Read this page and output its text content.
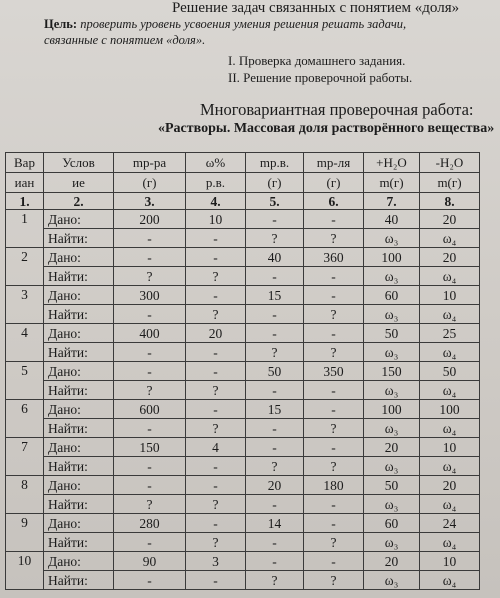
Решение задач связанных с понятием «доля»
Цель: проверить уровень усвоения умения решения решать задачи,
связанные с понятием «доля».
I. Проверка домашнего задания.
II. Решение проверочной работы.
Многовариантная проверочная работа:
«Растворы. Массовая доля растворённого вещества»
Вар	Услов	mр-ра	ω%	mр.в.	mр-ля	+H₂O	-H₂O
иан	ие	(г)	р.в.	(г)	(г)	m(г)	m(г)
1.	2.	3.	4.	5.	6.	7.	8.
1	Дано:	200	10	-	-	40	20
	Найти:	-	-	?	?	ω₃	ω₄
2	Дано:	-	-	40	360	100	20
	Найти:	?	?	-	-	ω₃	ω₄
3	Дано:	300	-	15	-	60	10
	Найти:	-	?	-	?	ω₃	ω₄
4	Дано:	400	20	-	-	50	25
	Найти:	-	-	?	?	ω₃	ω₄
5	Дано:	-	-	50	350	150	50
	Найти:	?	?	-	-	ω₃	ω₄
6	Дано:	600	-	15	-	100	100
	Найти:	-	?	-	?	ω₃	ω₄
7	Дано:	150	4	-	-	20	10
	Найти:	-	-	?	?	ω₃	ω₄
8	Дано:	-	-	20	180	50	20
	Найти:	?	?	-	-	ω₃	ω₄
9	Дано:	280	-	14	-	60	24
	Найти:	-	?	-	?	ω₃	ω₄
10	Дано:	90	3	-	-	20	10
	Найти:	-	-	?	?	ω₃	ω₄
